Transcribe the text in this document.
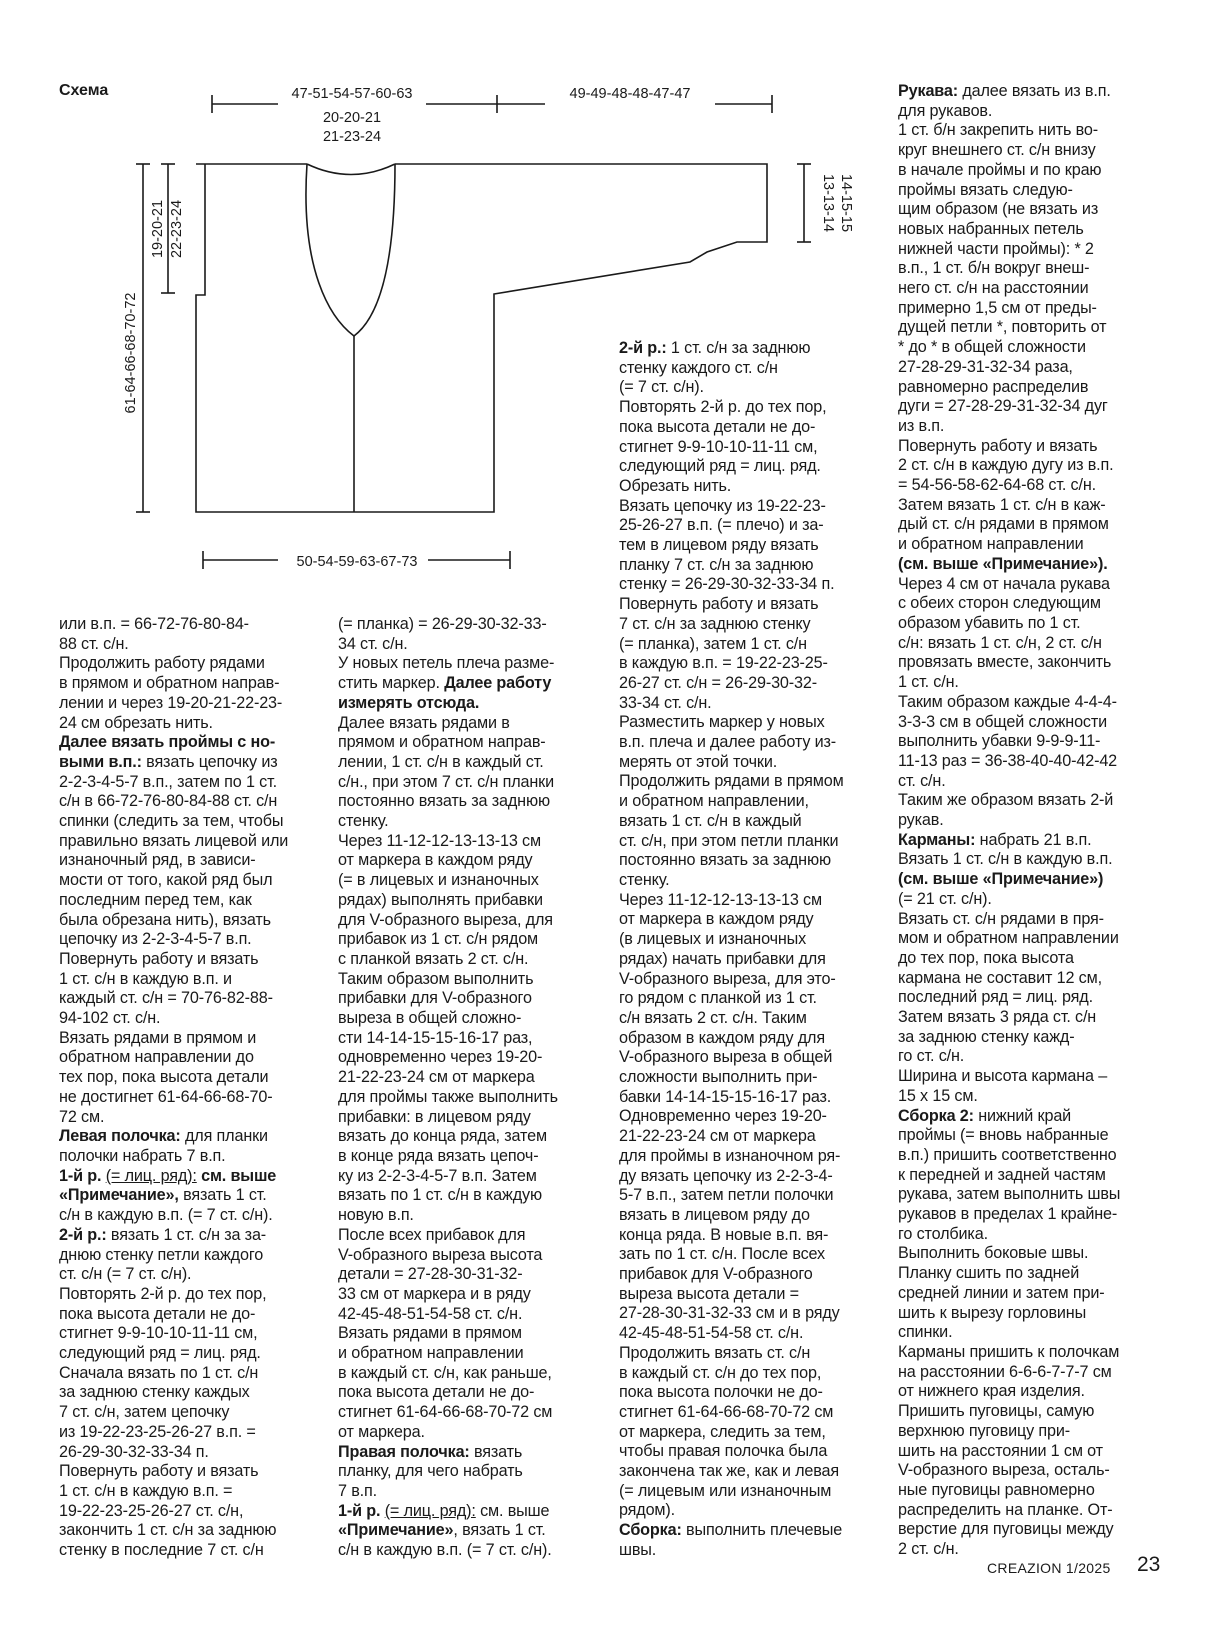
Схема	47-51-54-57-60-63
20-20-21
21-23-24
49-49-48-48-47-47
50-54-59-63-67-73
19-20-21 22-23-24
61-64-66-68-70-72
13-13-14 14-15-15

или в.п. = 66-72-76-80-84-

88 ст. с/н.

Продолжить работу рядами

в прямом и обратном направ-

лении и через 19-20-21-22-23-

24 см обрезать нить.

Далее вязать проймы с но-

выми в.п.: вязать цепочку из

2-2-3-4-5-7 в.п., затем по 1 ст.

с/н в 66-72-76-80-84-88 ст. с/н

спинки (следить за тем, чтобы

правильно вязать лицевой или

изнаночный ряд, в зависи-

мости от того, какой ряд был

последним перед тем, как

была обрезана нить), вязать

цепочку из 2-2-3-4-5-7 в.п.

Повернуть работу и вязать

1 ст. с/н в каждую в.п. и

каждый ст. с/н = 70-76-82-88-

94-102 ст. с/н.

Вязать рядами в прямом и

обратном направлении до

тех пор, пока высота детали

не достигнет 61-64-66-68-70-

72 см.

Левая полочка: для планки

полочки набрать 7 в.п.

1-й р. (= лиц. ряд): см. выше

«Примечание», вязать 1 ст.

с/н в каждую в.п. (= 7 ст. с/н).

2-й р.: вязать 1 ст. с/н за за-

днюю стенку петли каждого

ст. с/н (= 7 ст. с/н).

Повторять 2-й р. до тех пор,

пока высота детали не до-

стигнет 9-9-10-10-11-11 см,

следующий ряд = лиц. ряд.

Сначала вязать по 1 ст. с/н

за заднюю стенку каждых

7 ст. с/н, затем цепочку

из 19-22-23-25-26-27 в.п. =

26-29-30-32-33-34 п.

Повернуть работу и вязать

1 ст. с/н в каждую в.п. =

19-22-23-25-26-27 ст. с/н,

закончить 1 ст. с/н за заднюю

стенку в последние 7 ст. с/н

(= планка) = 26-29-30-32-33-

34 ст. с/н.

У новых петель плеча разме-

стить маркер. Далее работу

измерять отсюда.

Далее вязать рядами в

прямом и обратном направ-

лении, 1 ст. с/н в каждый ст.

с/н., при этом 7 ст. с/н планки

постоянно вязать за заднюю

стенку.

Через 11-12-12-13-13-13 см

от маркера в каждом ряду

(= в лицевых и изнаночных

рядах) выполнять прибавки

для V-образного выреза, для

прибавок из 1 ст. с/н рядом

с планкой вязать 2 ст. с/н.

Таким образом выполнить

прибавки для V-образного

выреза в общей сложно-

сти 14-14-15-15-16-17 раз,

одновременно через 19-20-

21-22-23-24 см от маркера

для проймы также выполнить

прибавки: в лицевом ряду

вязать до конца ряда, затем

в конце ряда вязать цепоч-

ку из 2-2-3-4-5-7 в.п. Затем

вязать по 1 ст. с/н в каждую

новую в.п.

После всех прибавок для

V-образного выреза высота

детали = 27-28-30-31-32-

33 см от маркера и в ряду

42-45-48-51-54-58 ст. с/н.

Вязать рядами в прямом

и обратном направлении

в каждый ст. с/н, как раньше,

пока высота детали не до-

стигнет 61-64-66-68-70-72 см

от маркера.

Правая полочка: вязать

планку, для чего набрать

7 в.п.

1-й р. (= лиц. ряд): см. выше

«Примечание», вязать 1 ст.

с/н в каждую в.п. (= 7 ст. с/н).

2-й р.: 1 ст. с/н за заднюю

стенку каждого ст. с/н

(= 7 ст. с/н).

Повторять 2-й р. до тех пор,

пока высота детали не до-

стигнет 9-9-10-10-11-11 см,

следующий ряд = лиц. ряд.

Обрезать нить.

Вязать цепочку из 19-22-23-

25-26-27 в.п. (= плечо) и за-

тем в лицевом ряду вязать

планку 7 ст. с/н за заднюю

стенку = 26-29-30-32-33-34 п.

Повернуть работу и вязать

7 ст. с/н за заднюю стенку

(= планка), затем 1 ст. с/н

в каждую в.п. = 19-22-23-25-

26-27 ст. с/н = 26-29-30-32-

33-34 ст. с/н.

Разместить маркер у новых

в.п. плеча и далее работу из-

мерять от этой точки.

Продолжить рядами в прямом

и обратном направлении,

вязать 1 ст. с/н в каждый

ст. с/н, при этом петли планки

постоянно вязать за заднюю

стенку.

Через 11-12-12-13-13-13 см

от маркера в каждом ряду

(в лицевых и изнаночных

рядах) начать прибавки для

V-образного выреза, для это-

го рядом с планкой из 1 ст.

с/н вязать 2 ст. с/н. Таким

образом в каждом ряду для

V-образного выреза в общей

сложности выполнить при-

бавки 14-14-15-15-16-17 раз.

Одновременно через 19-20-

21-22-23-24 см от маркера

для проймы в изнаночном ря-

ду вязать цепочку из 2-2-3-4-

5-7 в.п., затем петли полочки

вязать в лицевом ряду до

конца ряда. В новые в.п. вя-

зать по 1 ст. с/н. После всех

прибавок для V-образного

выреза высота детали =

27-28-30-31-32-33 см и в ряду

42-45-48-51-54-58 ст. с/н.

Продолжить вязать ст. с/н

в каждый ст. с/н до тех пор,

пока высота полочки не до-

стигнет 61-64-66-68-70-72 см

от маркера, следить за тем,

чтобы правая полочка была

закончена так же, как и левая

(= лицевым или изнаночным

рядом).

Сборка: выполнить плечевые

швы.

Рукава: далее вязать из в.п.

для рукавов.

1 ст. б/н закрепить нить во-

круг внешнего ст. с/н внизу

в начале проймы и по краю

проймы вязать следую-

щим образом (не вязать из

новых набранных петель

нижней части проймы): * 2

в.п., 1 ст. б/н вокруг внеш-

него ст. с/н на расстоянии

примерно 1,5 см от преды-

дущей петли *, повторить от

* до * в общей сложности

27-28-29-31-32-34 раза,

равномерно распределив

дуги = 27-28-29-31-32-34 дуг

из в.п.

Повернуть работу и вязать

2 ст. с/н в каждую дугу из в.п.

= 54-56-58-62-64-68 ст. с/н.

Затем вязать 1 ст. с/н в каж-

дый ст. с/н рядами в прямом

и обратном направлении

(см. выше «Примечание»).

Через 4 см от начала рукава

с обеих сторон следующим

образом убавить по 1 ст.

с/н: вязать 1 ст. с/н, 2 ст. с/н

провязать вместе, закончить

1 ст. с/н.

Таким образом каждые 4-4-4-

3-3-3 см в общей сложности

выполнить убавки 9-9-9-11-

11-13 раз = 36-38-40-40-42-42

ст. с/н.

Таким же образом вязать 2-й

рукав.

Карманы: набрать 21 в.п.

Вязать 1 ст. с/н в каждую в.п.

(см. выше «Примечание»)

(= 21 ст. с/н).

Вязать ст. с/н рядами в пря-

мом и обратном направлении

до тех пор, пока высота

кармана не составит 12 см,

последний ряд = лиц. ряд.

Затем вязать 3 ряда ст. с/н

за заднюю стенку кажд-

го ст. с/н.

Ширина и высота кармана –

15 х 15 см.

Сборка 2: нижний край

проймы (= вновь набранные

в.п.) пришить соответственно

к передней и задней частям

рукава, затем выполнить швы

рукавов в пределах 1 крайне-

го столбика.

Выполнить боковые швы.

Планку сшить по задней

средней линии и затем при-

шить к вырезу горловины

спинки.

Карманы пришить к полочкам

на расстоянии 6-6-6-7-7-7 см

от нижнего края изделия.

Пришить пуговицы, самую

верхнюю пуговицу при-

шить на расстоянии 1 см от

V-образного выреза, осталь-

ные пуговицы равномерно

распределить на планке. От-

верстие для пуговицы между

2 ст. с/н.

CREAZION 1/2025 23
